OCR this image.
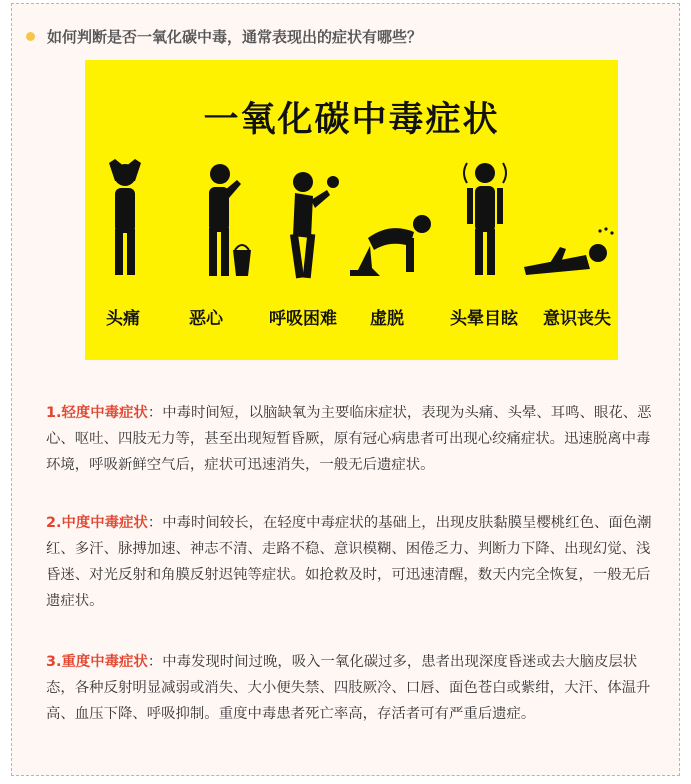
如何判断是否一氧化碳中毒，通常表现出的症状有哪些？
一氧化碳中毒症状
头痛	恶心	呼吸困难	虚脱	头晕目眩	意识丧失
1.轻度中毒症状：中毒时间短，以脑缺氧为主要临床症状，表现为头痛、头晕、耳鸣、眼花、恶心、呕吐、四肢无力等，甚至出现短暂昏厥，原有冠心病患者可出现心绞痛症状。迅速脱离中毒环境，呼吸新鲜空气后，症状可迅速消失，一般无后遗症状。
2.中度中毒症状：中毒时间较长，在轻度中毒症状的基础上，出现皮肤黏膜呈樱桃红色、面色潮红、多汗、脉搏加速、神志不清、走路不稳、意识模糊、困倦乏力、判断力下降、出现幻觉、浅昏迷、对光反射和角膜反射迟钝等症状。如抢救及时，可迅速清醒，数天内完全恢复，一般无后遗症状。
3.重度中毒症状：中毒发现时间过晚，吸入一氧化碳过多，患者出现深度昏迷或去大脑皮层状态，各种反射明显减弱或消失、大小便失禁、四肢厥冷、口唇、面色苍白或紫绀，大汗、体温升高、血压下降、呼吸抑制。重度中毒患者死亡率高，存活者可有严重后遗症。
